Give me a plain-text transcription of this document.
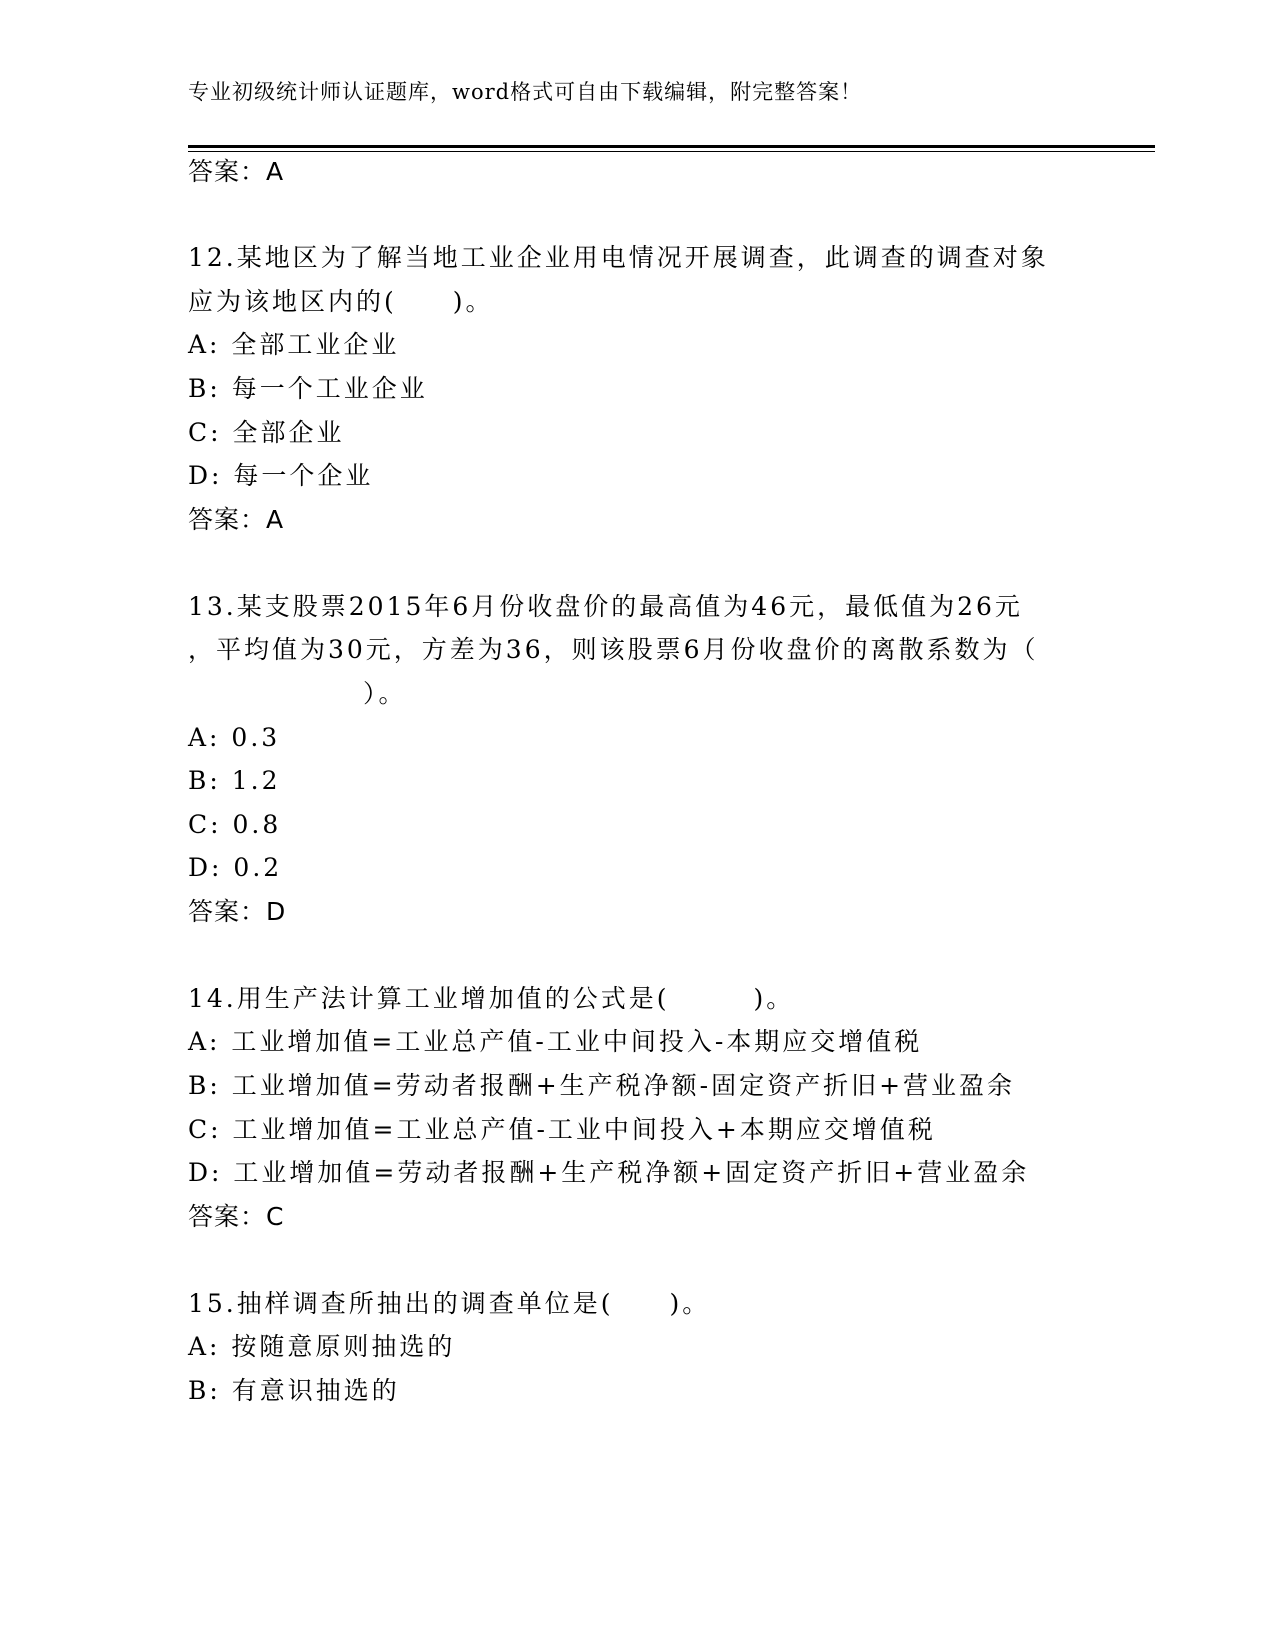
专业初级统计师认证题库，word格式可自由下载编辑，附完整答案！
答案：A
12.某地区为了解当地工业企业用电情况开展调查，此调查的调查对象
应为该地区内的(　　)。
A: 全部工业企业
B: 每一个工业企业
C: 全部企业
D: 每一个企业
答案：A
13.某支股票2015年6月份收盘价的最高值为46元，最低值为26元
，平均值为30元，方差为36，则该股票6月份收盘价的离散系数为（
）。
A: 0.3
B: 1.2
C: 0.8
D: 0.2
答案：D
14.用生产法计算工业增加值的公式是(　　　)。
A: 工业增加值=工业总产值-工业中间投入-本期应交增值税
B: 工业增加值=劳动者报酬+生产税净额-固定资产折旧+营业盈余
C: 工业增加值=工业总产值-工业中间投入+本期应交增值税
D: 工业增加值=劳动者报酬+生产税净额+固定资产折旧+营业盈余
答案：C
15.抽样调查所抽出的调查单位是(　　)。
A: 按随意原则抽选的
B: 有意识抽选的
